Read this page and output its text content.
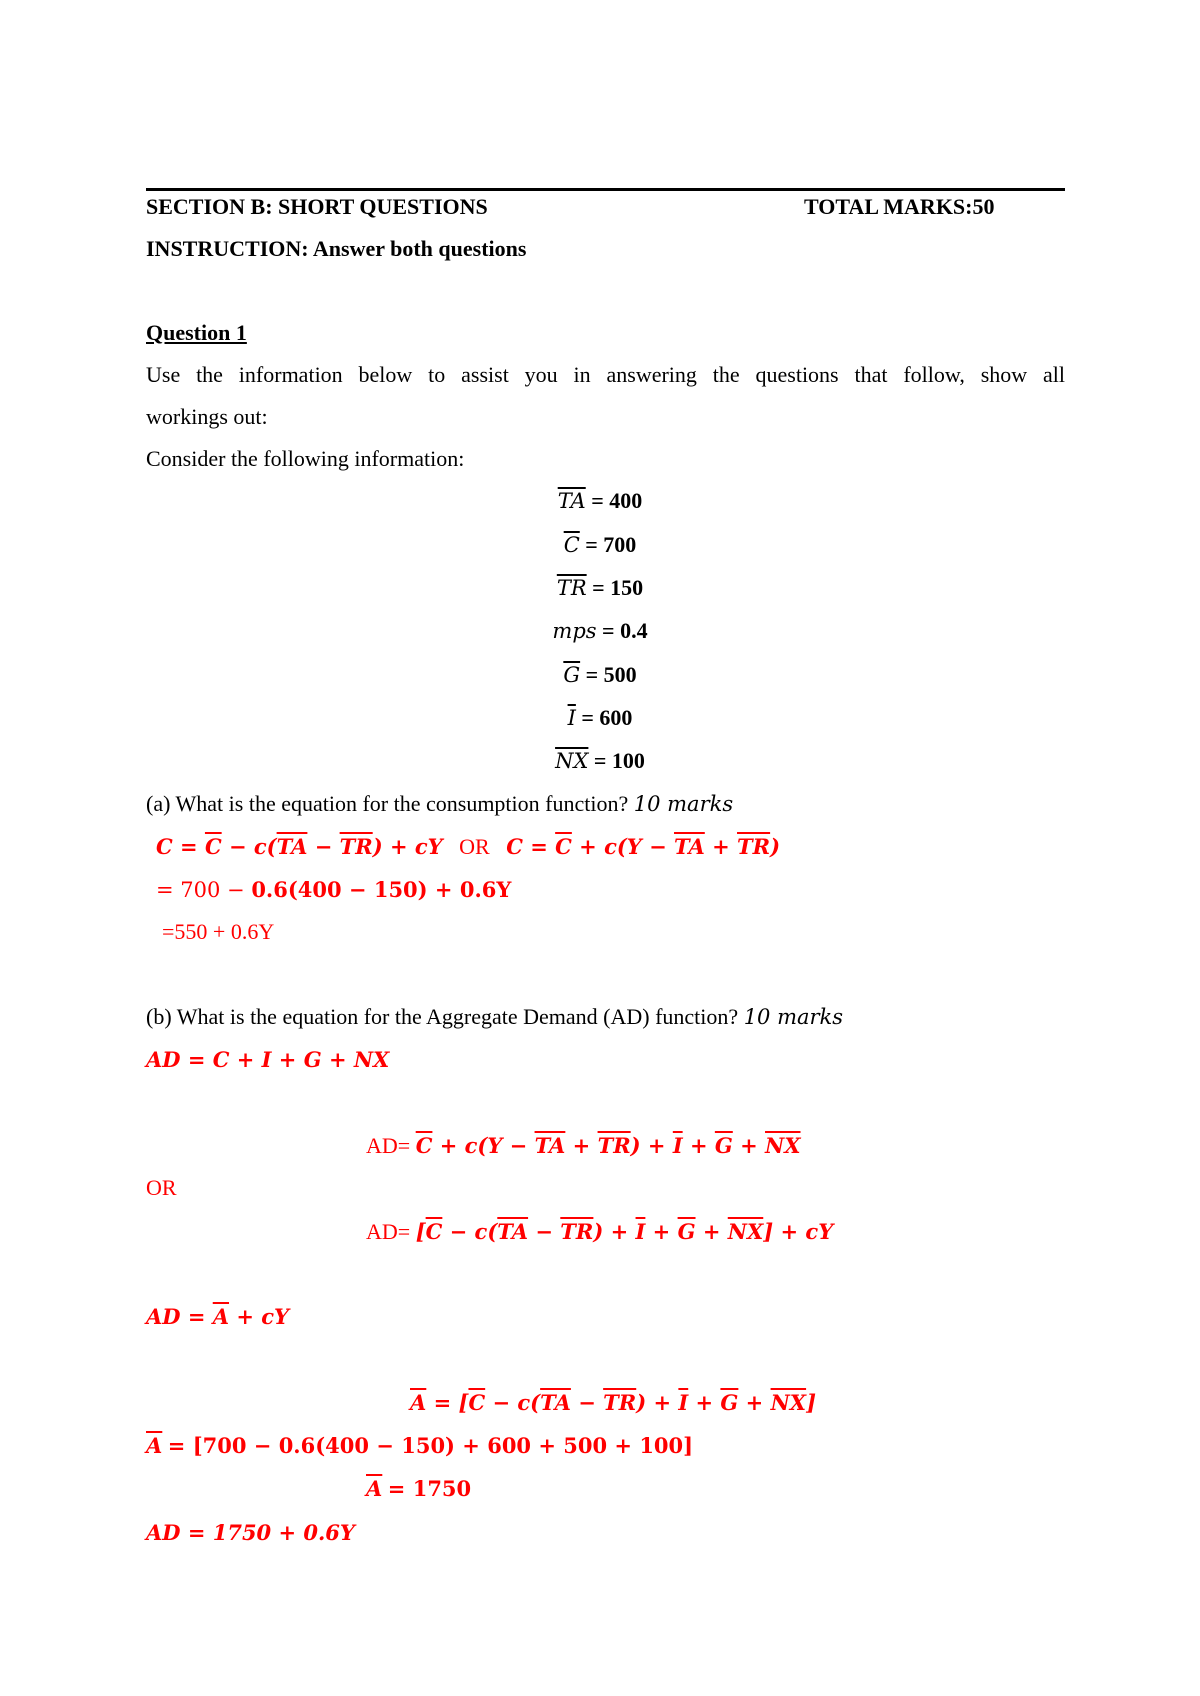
SECTION B: SHORT QUESTIONS	TOTAL MARKS:50
INSTRUCTION: Answer both questions
Question 1
Use the information below to assist you in answering the questions that follow, show all
workings out:
Consider the following information:
$\overline{TA} = 400$
$\overline{C} = 700$
$\overline{TR} = 150$
mps = 0.4
$\overline{G} = 500$
$\overline{I} = 600$
$\overline{NX} = 100$
(a) What is the equation for the consumption function? 10 marks
$C = \overline{C} - c(\overline{TA} - \overline{TR})$ + cY OR $C = \overline{C} + c(Y - \overline{TA} + \overline{TR})$
= 700 − 0.6(400 − 150) + 0.6Y
=550 + 0.6Y
(b) What is the equation for the Aggregate Demand (AD) function? 10 marks
AD = C + I + G + NX
$AD= \overline{C} + c(Y - \overline{TA} + \overline{TR}) + \overline{I} + \overline{G} + \overline{NX}$
OR
$AD= [\overline{C} - c(\overline{TA} - \overline{TR}) + \overline{I} + \overline{G} + \overline{NX}]$ + cY
AD = $\overline{A}$ + cY
$\overline{A} = [\overline{C} - c(\overline{TA} - \overline{TR}) + \overline{I} + \overline{G} + \overline{NX}]$
$\overline{A} = [700 - 0.6(400 - 150) + 600 + 500 + 100]$
$\overline{A} = 1750$
AD = 1750 + 0.6Y
